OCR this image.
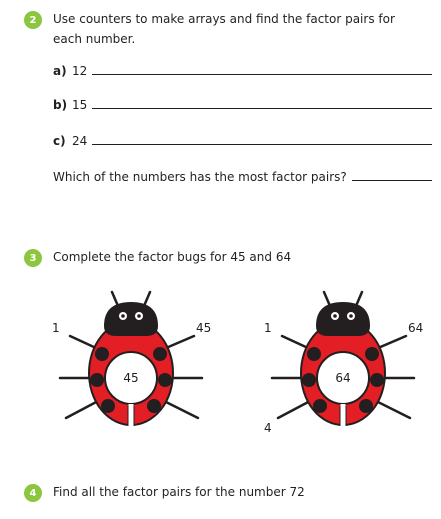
2	Use counters to make arrays and find the factor pairs for
each number.
a) 12
b) 15
c) 24
Which of the numbers has the most factor pairs?
3	Complete the factor bugs for 45 and 64
45
1	45
64
1	64
4
4	Find all the factor pairs for the number 72
